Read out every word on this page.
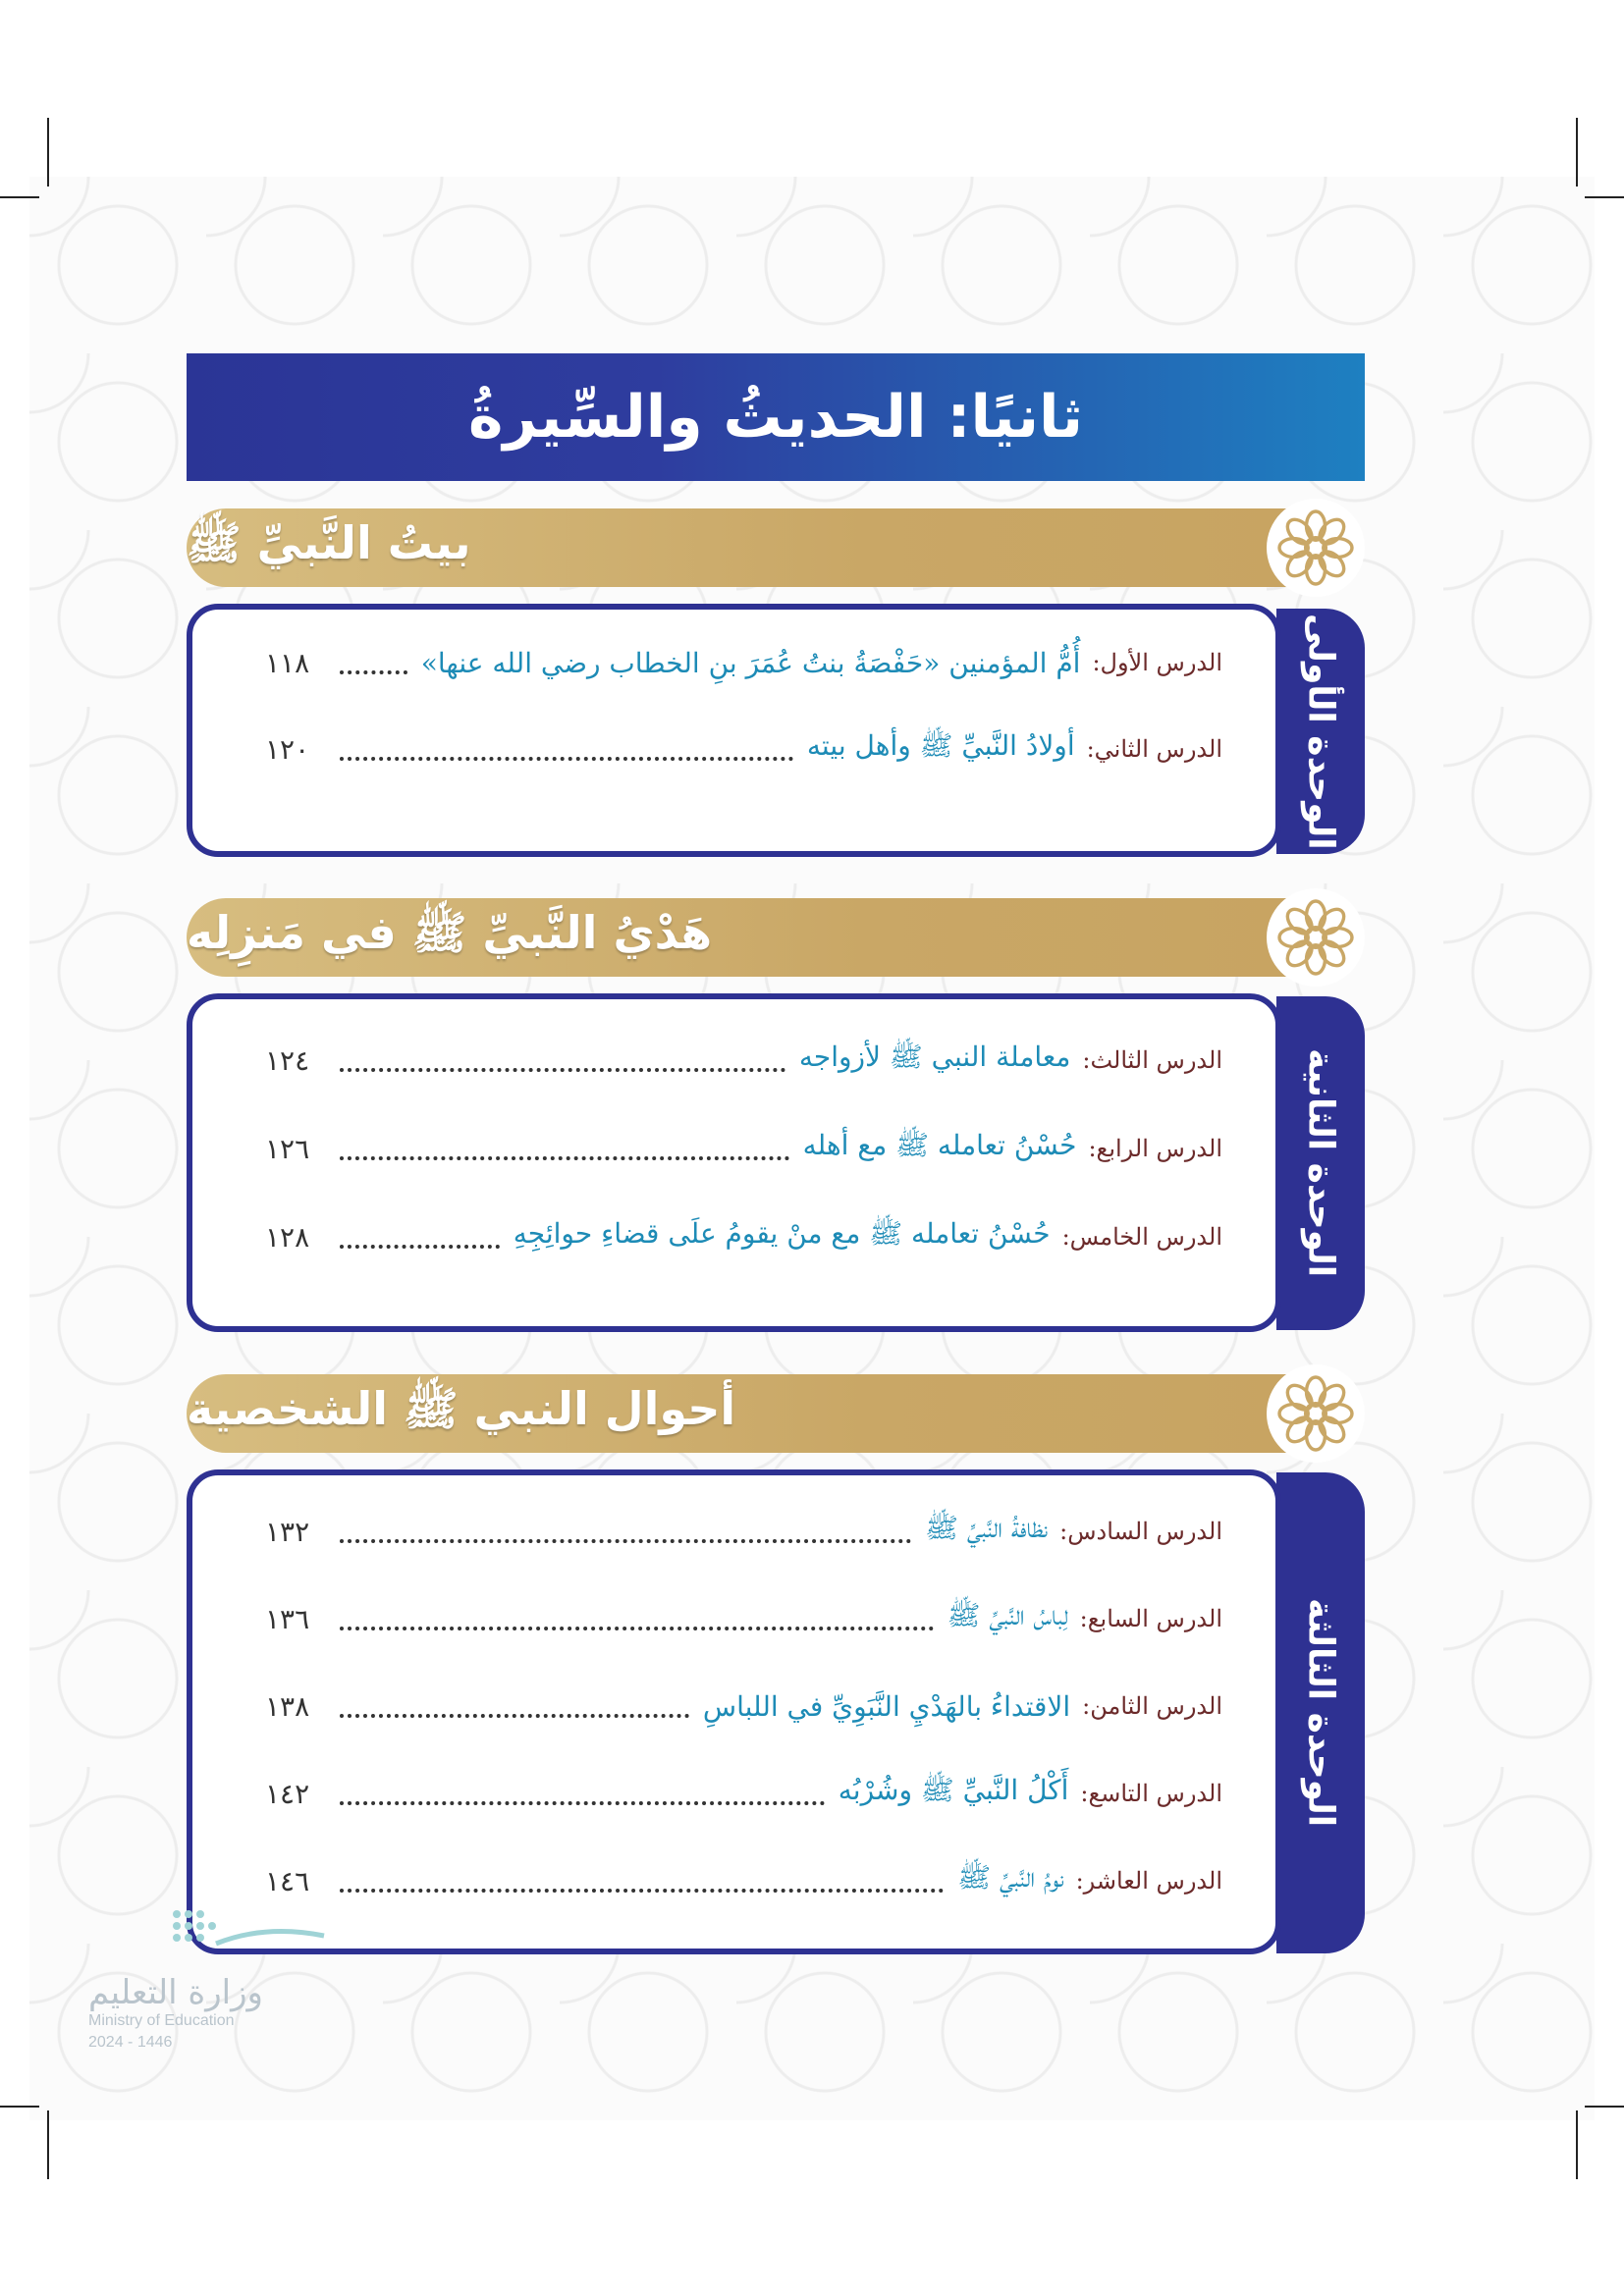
ثانيًا: الحديثُ والسِّيرةُ
بيتُ النَّبيِّ ﷺ
الوحدة الأولى
الدرس الأول:
أُمُّ المؤمنين «حَفْصَةُ بنتُ عُمَرَ بنِ الخطاب رضي الله عنها»
١١٨
الدرس الثاني:
أولادُ النَّبيِّ ﷺ وأهل بيته
١٢٠
هَدْيُ النَّبيِّ ﷺ في مَنزِلِه
الوحدة الثانية
الدرس الثالث:
معاملة النبي ﷺ لأزواجه
١٢٤
الدرس الرابع:
حُسْنُ تعامله ﷺ مع أهله
١٢٦
الدرس الخامس:
حُسْنُ تعامله ﷺ مع منْ يقومُ علَى قضاءِ حوائِجِهِ
١٢٨
أحوال النبي ﷺ الشخصية
الوحدة الثالثة
الدرس السادس:
نظافةُ النَّبيِّ ﷺ
١٣٢
الدرس السابع:
لِباسُ النَّبيِّ ﷺ
١٣٦
الدرس الثامن:
الاقتداءُ بالهَدْيِ النَّبَوِيِّ في اللباسِ
١٣٨
الدرس التاسع:
أَكْلُ النَّبيِّ ﷺ وشُرْبُه
١٤٢
الدرس العاشر:
نومُ النَّبيِّ ﷺ
١٤٦
وزارة التعليم
Ministry of Education
2024 - 1446
